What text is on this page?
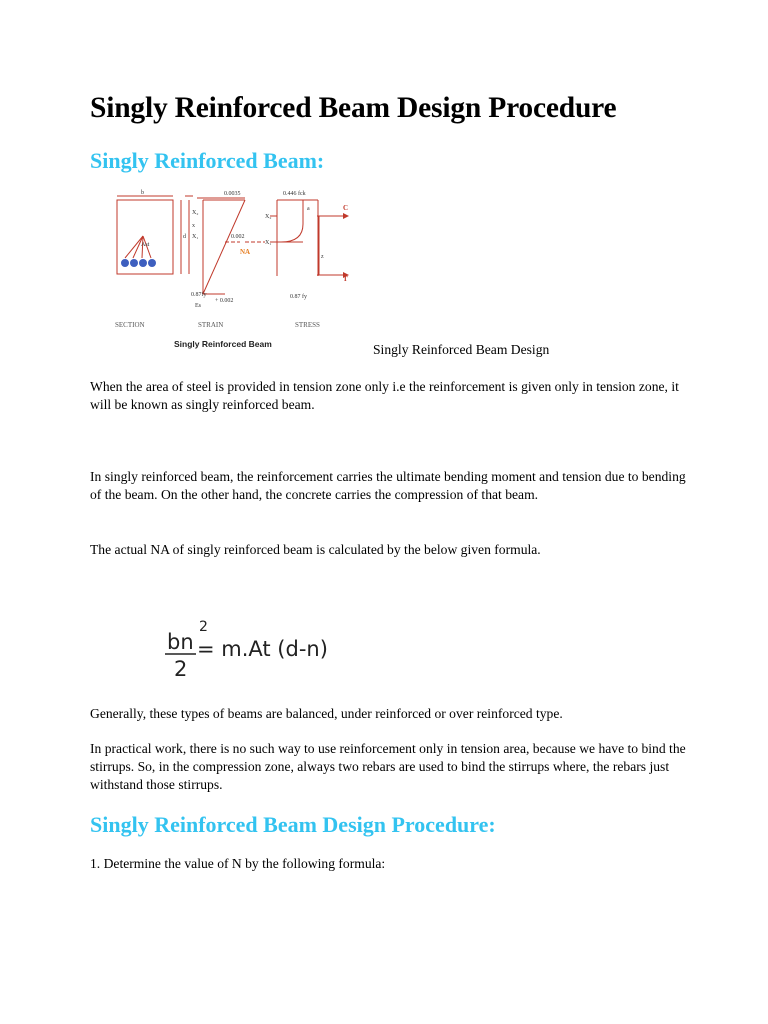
Singly Reinforced Beam Design Procedure
Singly Reinforced Beam:
b	0.0035	0.446 fck
X₂
x
X₁
d	0.002
X₂
X₁
a
z
0.87fy
Es
+ 0.002
0.87 fy
Ast
NA
C
T
SECTION	STRAIN	STRESS
Singly Reinforced Beam	Singly Reinforced Beam Design

When the area of steel is provided in tension zone only i.e the reinforcement is given only in tension zone, it will be known as singly reinforced beam.

In singly reinforced beam, the reinforcement carries the ultimate bending moment and tension due to bending of the beam. On the other hand, the concrete carries the compression of that beam.

The actual NA of singly reinforced beam is calculated by the below given formula.

bn
2
2
= m.At (d-n)

Generally, these types of beams are balanced, under reinforced or over reinforced type.

In practical work, there is no such way to use reinforcement only in tension area, because we have to bind the stirrups. So, in the compression zone, always two rebars are used to bind the stirrups where, the rebars just withstand those stirrups.

Singly Reinforced Beam Design Procedure:

1. Determine the value of N by the following formula:
